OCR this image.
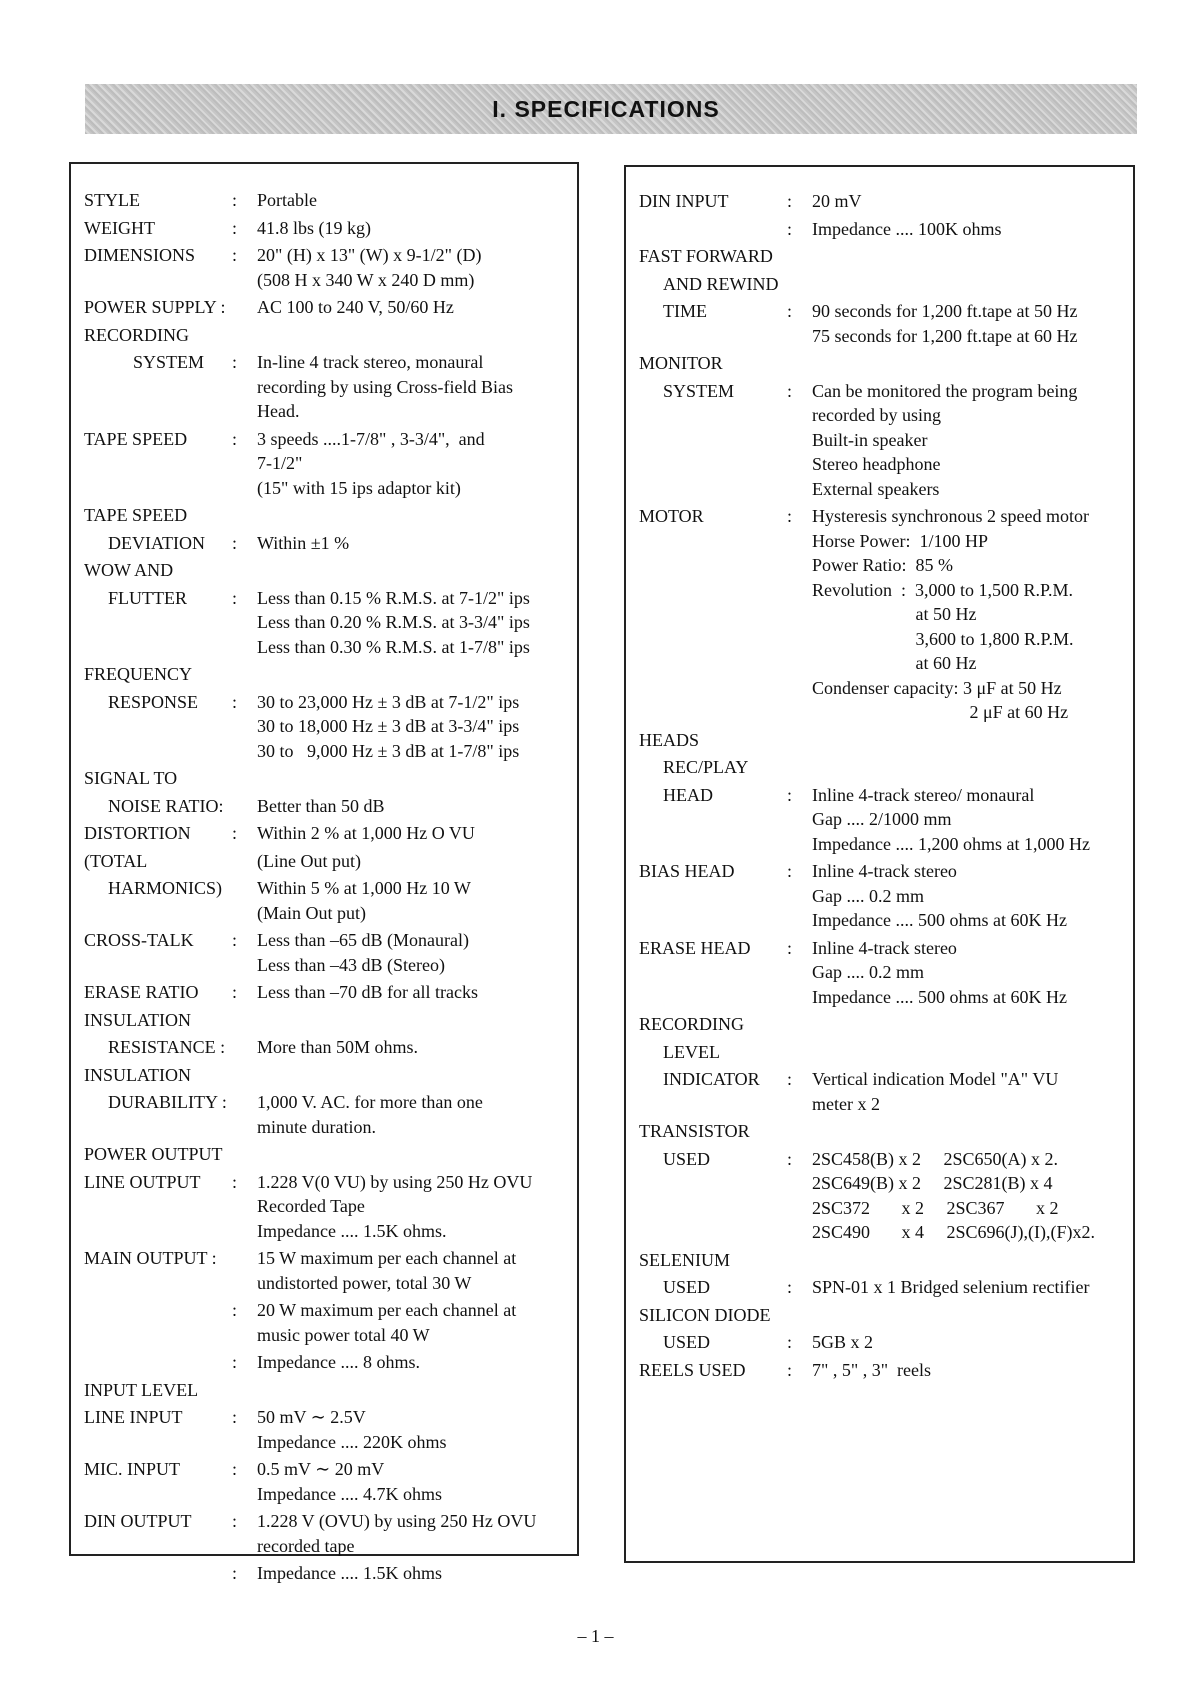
I. SPECIFICATIONS
STYLE	: Portable
WEIGHT	: 41.8 lbs (19 kg)
DIMENSIONS : 20" (H) x 13" (W) x 9-1/2" (D)
(508 H x 340 W x 240 D mm)
POWER SUPPLY : AC 100 to 240 V, 50/60 Hz
RECORDING
SYSTEM : In-line 4 track stereo, monaural
recording by using Cross-field Bias
Head.
TAPE SPEED : 3 speeds ....1-7/8" , 3-3/4",  and
7-1/2"
(15" with 15 ips adaptor kit)
TAPE SPEED
DEVIATION : Within ±1 %
WOW AND
FLUTTER	: Less than 0.15 % R.M.S. at 7-1/2" ips
Less than 0.20 % R.M.S. at 3-3/4" ips
Less than 0.30 % R.M.S. at 1-7/8" ips
FREQUENCY
RESPONSE : 30 to 23,000 Hz ± 3 dB at 7-1/2" ips
30 to 18,000 Hz ± 3 dB at 3-3/4" ips
30 to   9,000 Hz ± 3 dB at 1-7/8" ips
SIGNAL TO
NOISE RATIO: Better than 50 dB
DISTORTION : Within 2 % at 1,000 Hz O VU
(TOTAL	(Line Out put)
HARMONICS) Within 5 % at 1,000 Hz 10 W
(Main Out put)
CROSS-TALK : Less than –65 dB (Monaural)
Less than –43 dB (Stereo)
ERASE RATIO : Less than –70 dB for all tracks
INSULATION
RESISTANCE : More than 50M ohms.
INSULATION
DURABILITY : 1,000 V. AC. for more than one
minute duration.
POWER OUTPUT
LINE OUTPUT : 1.228 V(0 VU) by using 250 Hz OVU
Recorded Tape
Impedance .... 1.5K ohms.
MAIN OUTPUT : 15 W maximum per each channel at
undistorted power, total 30 W
: 20 W maximum per each channel at
music power total 40 W
: Impedance .... 8 ohms.
INPUT LEVEL
LINE INPUT	: 50 mV ∼ 2.5V
Impedance .... 220K ohms
MIC. INPUT	: 0.5 mV ∼ 20 mV
Impedance .... 4.7K ohms
DIN OUTPUT : 1.228 V (OVU) by using 250 Hz OVU
recorded tape
: Impedance .... 1.5K ohms
DIN INPUT	: 20 mV
: Impedance .... 100K ohms
FAST FORWARD
AND REWIND
TIME	: 90 seconds for 1,200 ft.tape at 50 Hz
75 seconds for 1,200 ft.tape at 60 Hz
MONITOR
SYSTEM	: Can be monitored the program being
recorded by using
Built-in speaker
Stereo headphone
External speakers
MOTOR	: Hysteresis synchronous 2 speed motor
Horse Power:  1/100 HP
Power Ratio:  85 %
Revolution  :  3,000 to 1,500 R.P.M.
at 50 Hz
3,600 to 1,800 R.P.M.
at 60 Hz
Condenser capacity: 3 μF at 50 Hz
2 μF at 60 Hz
HEADS
REC/PLAY
HEAD	: Inline 4-track stereo/ monaural
Gap .... 2/1000 mm
Impedance .... 1,200 ohms at 1,000 Hz
BIAS HEAD	: Inline 4-track stereo
Gap .... 0.2 mm
Impedance .... 500 ohms at 60K Hz
ERASE HEAD : Inline 4-track stereo
Gap .... 0.2 mm
Impedance .... 500 ohms at 60K Hz
RECORDING
LEVEL
INDICATOR : Vertical indication Model "A" VU
meter x 2
TRANSISTOR
USED	: 2SC458(B) x 2     2SC650(A) x 2.
2SC649(B) x 2     2SC281(B) x 4
2SC372       x 2     2SC367       x 2
2SC490       x 4     2SC696(J),(I),(F)x2.
SELENIUM
USED	: SPN-01 x 1 Bridged selenium rectifier
SILICON DIODE
USED	: 5GB x 2
REELS USED : 7" , 5" , 3"  reels
– 1 –
